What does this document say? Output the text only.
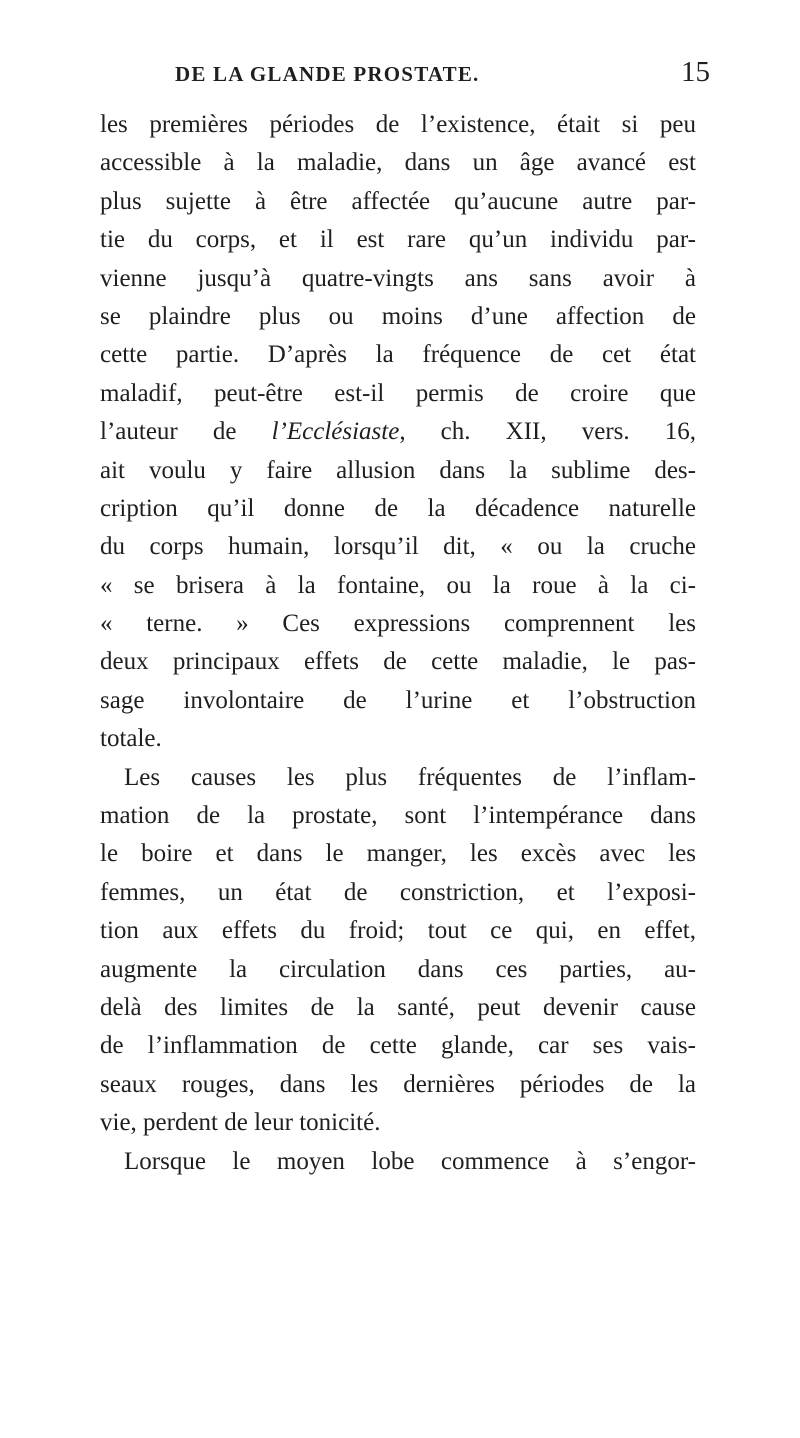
DE LA GLANDE PROSTATE.	15
les premières périodes de l’existence, était si peu
accessible à la maladie, dans un âge avancé est
plus sujette à être affectée qu’aucune autre par-
tie du corps, et il est rare qu’un individu par-
vienne jusqu’à quatre-vingts ans sans avoir à
se plaindre plus ou moins d’une affection de
cette partie. D’après la fréquence de cet état
maladif, peut-être est-il permis de croire que
l’auteur de l’Ecclésiaste, ch. XII, vers. 16,
ait voulu y faire allusion dans la sublime des-
cription qu’il donne de la décadence naturelle
du corps humain, lorsqu’il dit, « ou la cruche
« se brisera à la fontaine, ou la roue à la ci-
« terne. » Ces expressions comprennent les
deux principaux effets de cette maladie, le pas-
sage involontaire de l’urine et l’obstruction
totale.
Les causes les plus fréquentes de l’inflam-
mation de la prostate, sont l’intempérance dans
le boire et dans le manger, les excès avec les
femmes, un état de constriction, et l’exposi-
tion aux effets du froid; tout ce qui, en effet,
augmente la circulation dans ces parties, au-
delà des limites de la santé, peut devenir cause
de l’inflammation de cette glande, car ses vais-
seaux rouges, dans les dernières périodes de la
vie, perdent de leur tonicité.
Lorsque le moyen lobe commence à s’engor-
